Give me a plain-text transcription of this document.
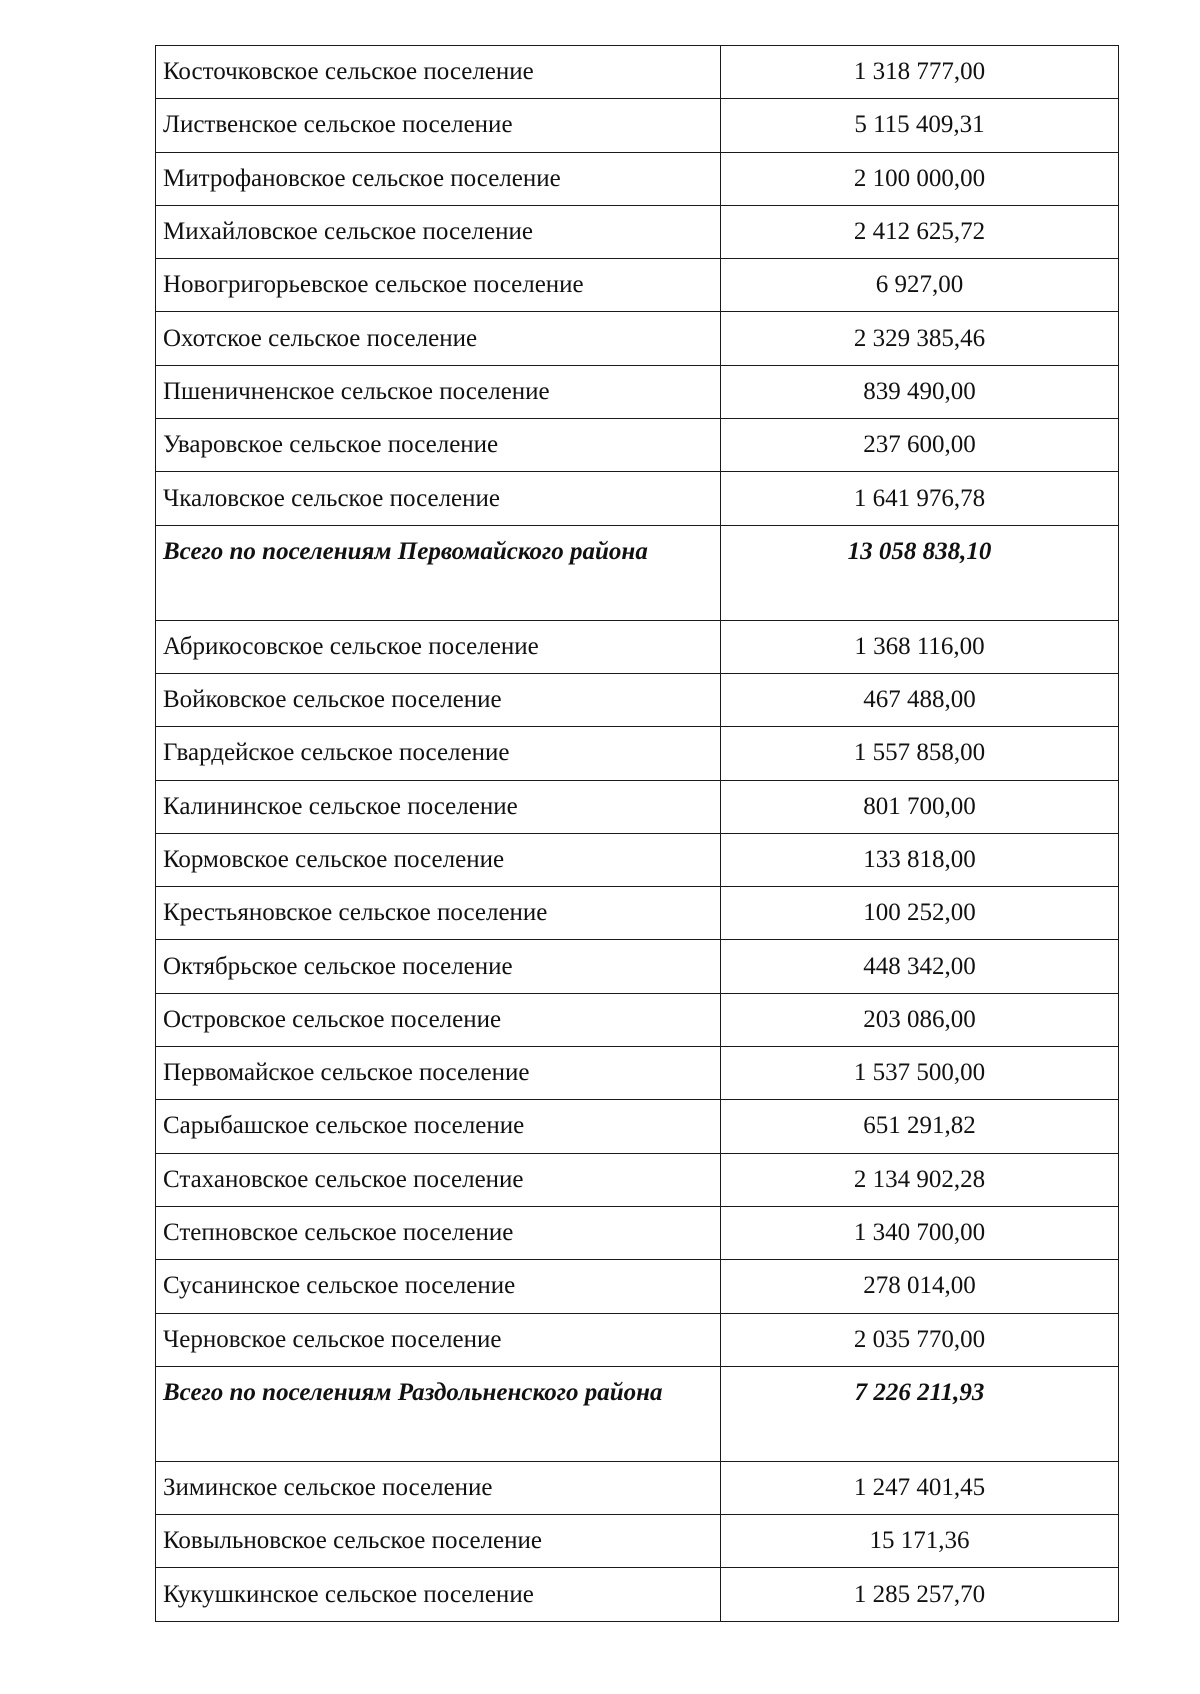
Косточковское сельское поселение	1 318 777,00
Лиственское сельское поселение	5 115 409,31
Митрофановское сельское поселение	2 100 000,00
Михайловское сельское поселение	2 412 625,72
Новогригорьевское сельское поселение	6 927,00
Охотское сельское поселение	2 329 385,46
Пшеничненское сельское поселение	839 490,00
Уваровское сельское поселение	237 600,00
Чкаловское сельское поселение	1 641 976,78
Всего по поселениям Первомайского района	13 058 838,10
Абрикосовское сельское поселение	1 368 116,00
Войковское сельское поселение	467 488,00
Гвардейское сельское поселение	1 557 858,00
Калининское сельское поселение	801 700,00
Кормовское сельское поселение	133 818,00
Крестьяновское сельское поселение	100 252,00
Октябрьское сельское поселение	448 342,00
Островское сельское поселение	203 086,00
Первомайское сельское поселение	1 537 500,00
Сарыбашское сельское поселение	651 291,82
Стахановское сельское поселение	2 134 902,28
Степновское сельское поселение	1 340 700,00
Сусанинское сельское поселение	278 014,00
Черновское сельское поселение	2 035 770,00
Всего по поселениям Раздольненского района	7 226 211,93
Зиминское сельское поселение	1 247 401,45
Ковыльновское сельское поселение	15 171,36
Кукушкинское сельское поселение	1 285 257,70
